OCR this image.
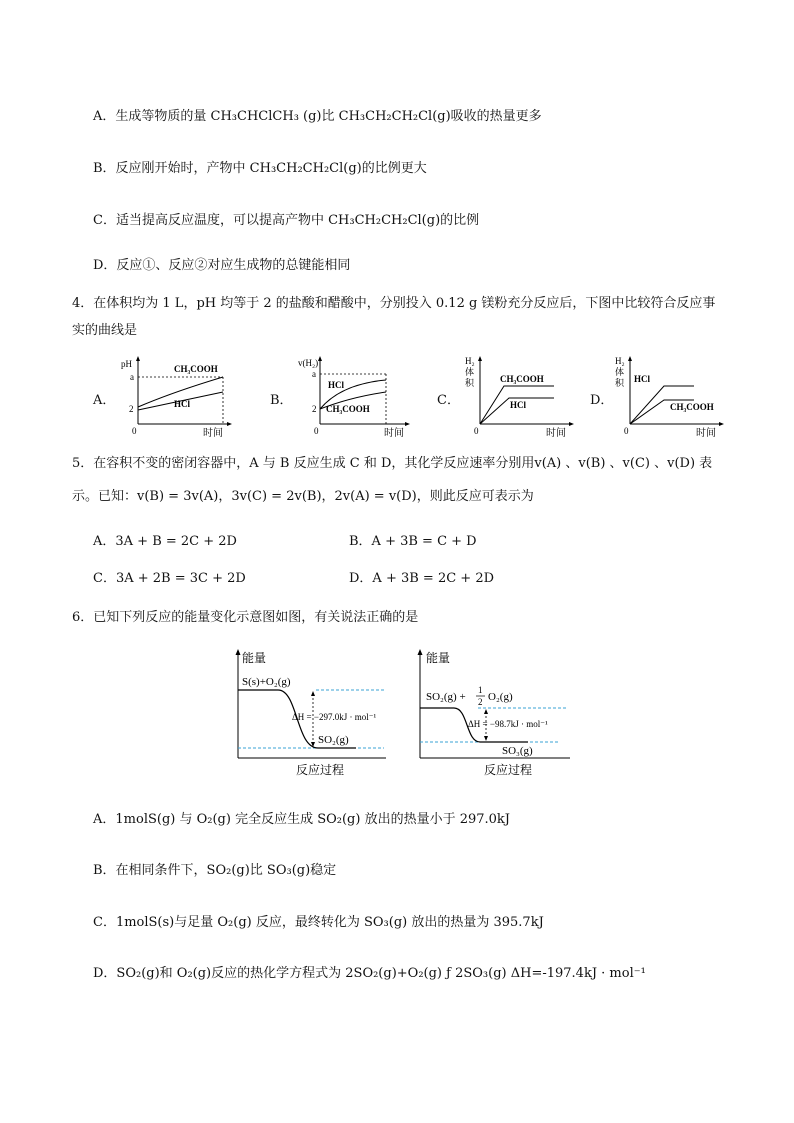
A．生成等物质的量 CH₃CHClCH₃ (g)比 CH₃CH₂CH₂Cl(g)吸收的热量更多
B．反应刚开始时，产物中 CH₃CH₂CH₂Cl(g)的比例更大
C．适当提高反应温度，可以提高产物中 CH₃CH₂CH₂Cl(g)的比例
D．反应①、反应②对应生成物的总键能相同
4．在体积均为 1 L，pH 均等于 2 的盐酸和醋酸中，分别投入 0.12 g 镁粉充分反应后，下图中比较符合反应事
实的曲线是
A．	B．	C．	D．
pH
a
2
0	时间
CH₃COOH
HCl
v(H₂)
a
2
0	时间
HCl
CH₃COOH
H₂
体
积
0	时间
CH₃COOH
HCl
H₂
体
积
0	时间
HCl
CH₃COOH
5．在容积不变的密闭容器中，A 与 B 反应生成 C 和 D，其化学反应速率分别用v(A) 、v(B) 、v(C) 、v(D) 表
示。已知：v(B) = 3v(A)，3v(C) = 2v(B)，2v(A) = v(D)，则此反应可表示为
A．3A + B = 2C + 2D	B．A + 3B = C + D
C．3A + 2B = 3C + 2D	D．A + 3B = 2C + 2D
6．已知下列反应的能量变化示意图如图，有关说法正确的是
能量
S(s)+O₂(g)
ΔH = −297.0kJ · mol⁻¹
SO₂(g)
反应过程
能量
SO₂(g) +
1
2 O₂(g)
ΔH = −98.7kJ · mol⁻¹
SO₃(g)
反应过程
A．1molS(g) 与 O₂(g) 完全反应生成 SO₂(g) 放出的热量小于 297.0kJ
B．在相同条件下，SO₂(g)比 SO₃(g)稳定
C．1molS(s)与足量 O₂(g) 反应，最终转化为 SO₃(g) 放出的热量为 395.7kJ
D．SO₂(g)和 O₂(g)反应的热化学方程式为 2SO₂(g)+O₂(g) ƒ 2SO₃(g) ΔH=-197.4kJ · mol⁻¹
